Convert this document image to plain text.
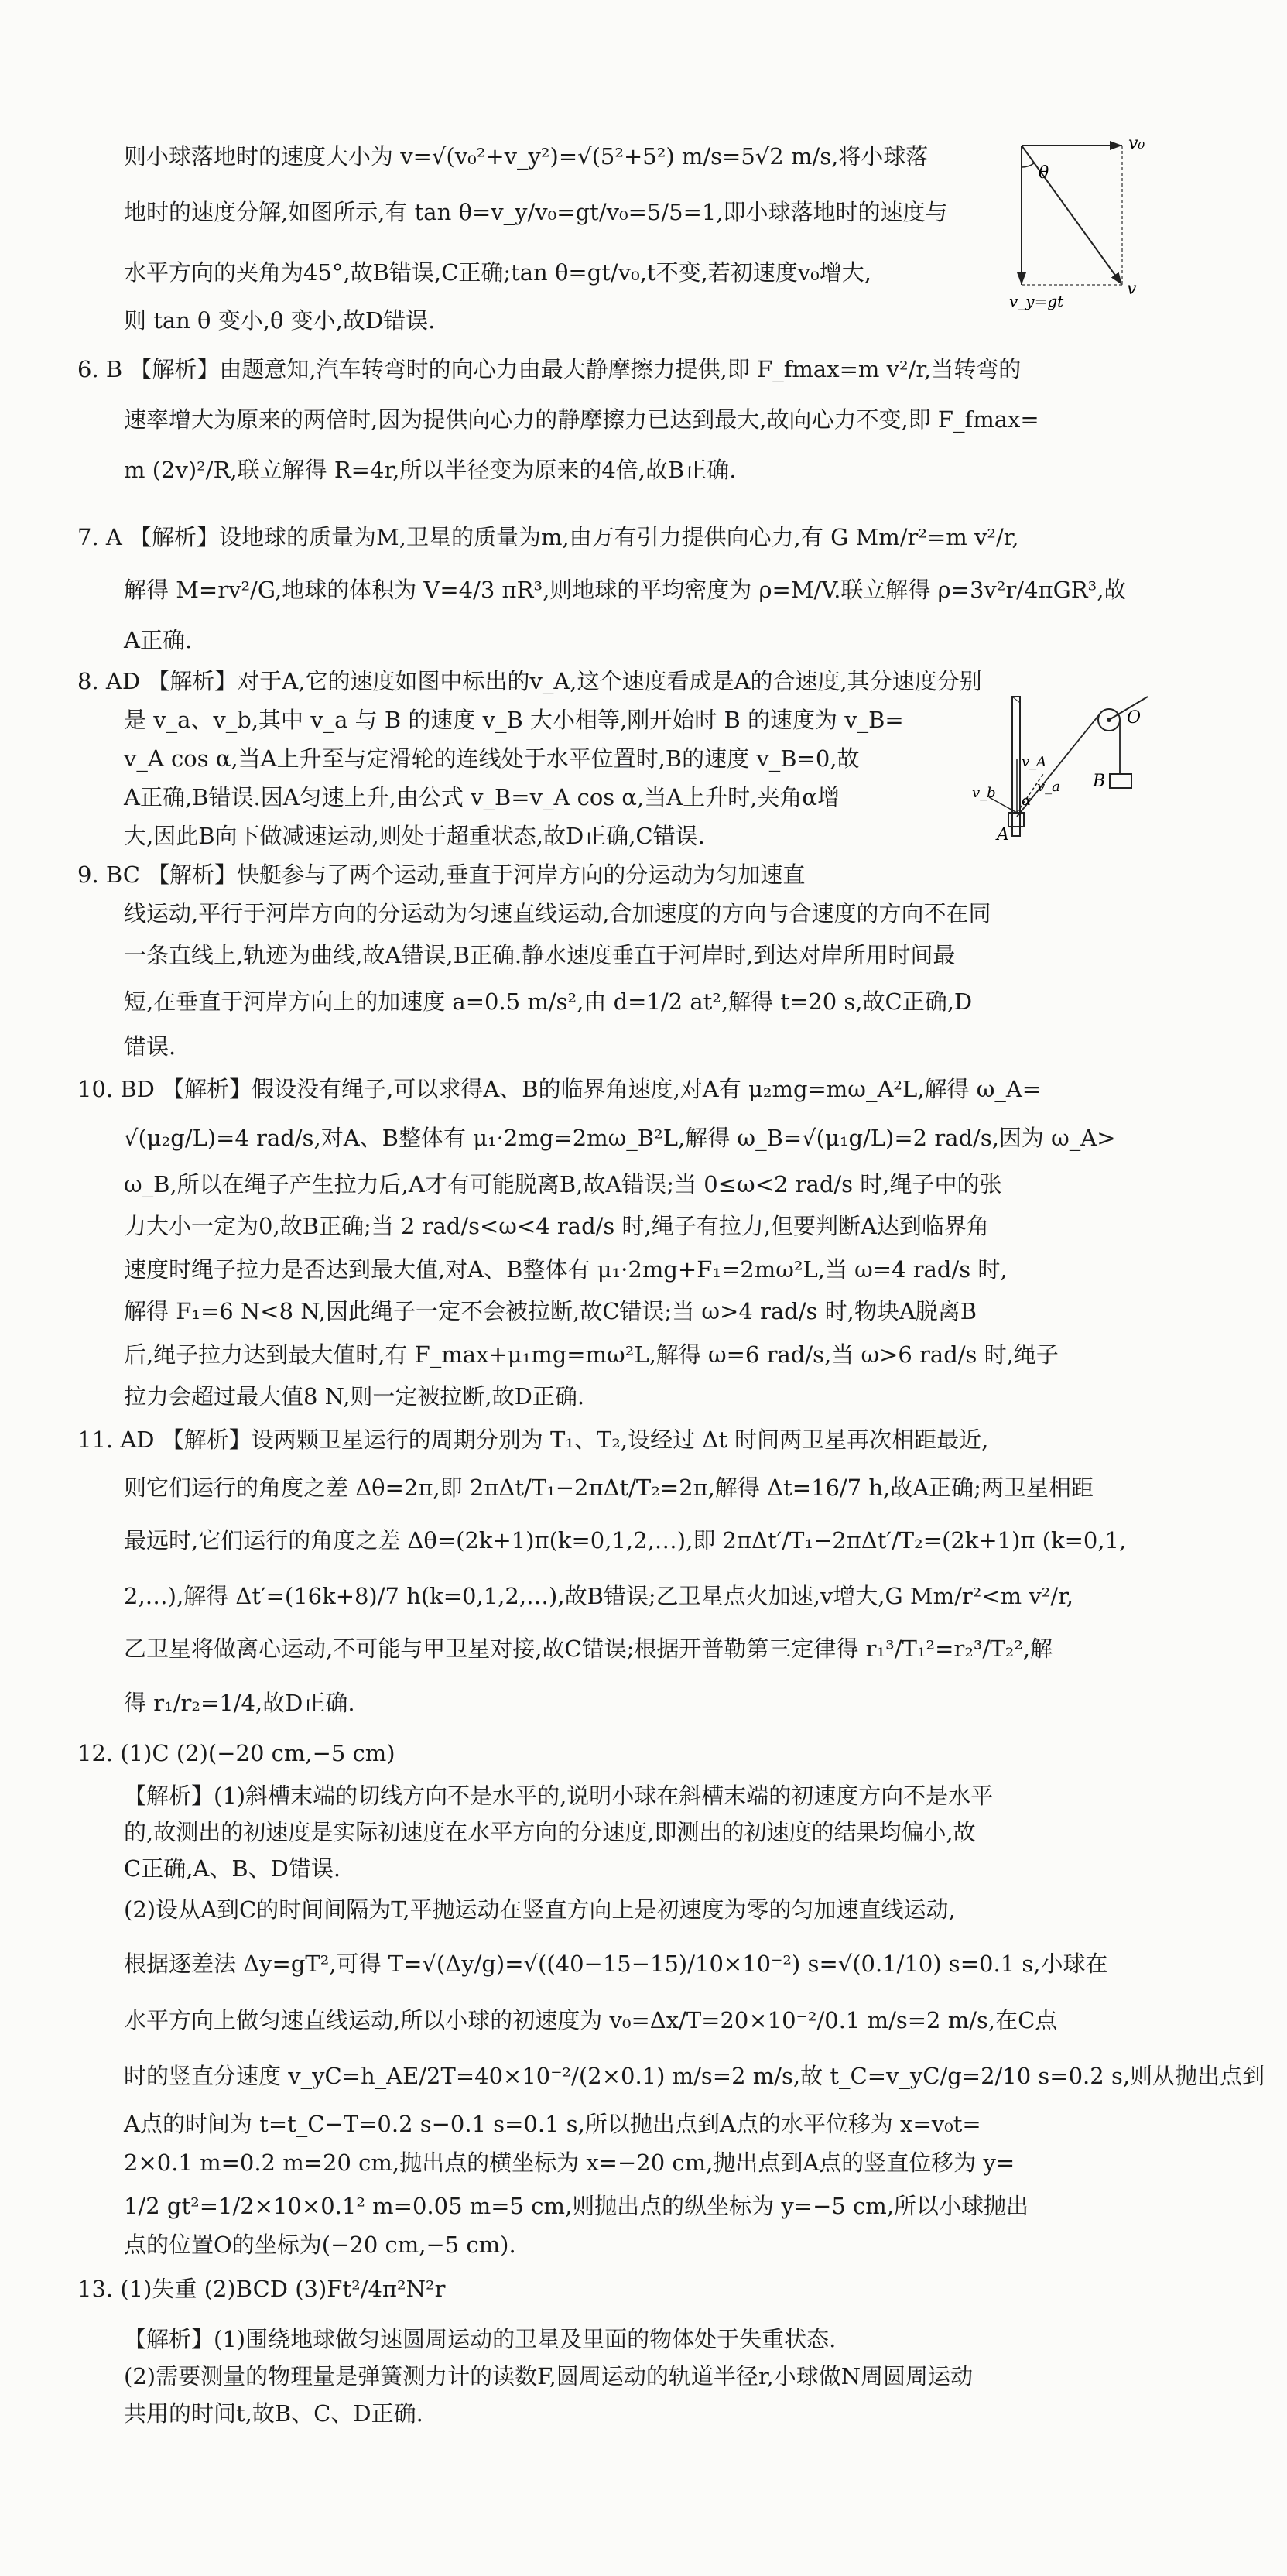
v₀
θ
v_y=gt
v
O
v_A
v_b	v_a
α
B
A
则小球落地时的速度大小为 v=√(v₀²+v_y²)=√(5²+5²) m/s=5√2 m/s,将小球落
地时的速度分解,如图所示,有 tan θ=v_y/v₀=gt/v₀=5/5=1,即小球落地时的速度与
水平方向的夹角为45°,故B错误,C正确;tan θ=gt/v₀,t不变,若初速度v₀增大,
则 tan θ 变小,θ 变小,故D错误.
6. B 【解析】由题意知,汽车转弯时的向心力由最大静摩擦力提供,即 F_fmax=m v²/r,当转弯的
速率增大为原来的两倍时,因为提供向心力的静摩擦力已达到最大,故向心力不变,即 F_fmax=
m (2v)²/R,联立解得 R=4r,所以半径变为原来的4倍,故B正确.
7. A 【解析】设地球的质量为M,卫星的质量为m,由万有引力提供向心力,有 G Mm/r²=m v²/r,
解得 M=rv²/G,地球的体积为 V=4/3 πR³,则地球的平均密度为 ρ=M/V.联立解得 ρ=3v²r/4πGR³,故
A正确.
8. AD 【解析】对于A,它的速度如图中标出的v_A,这个速度看成是A的合速度,其分速度分别
是 v_a、v_b,其中 v_a 与 B 的速度 v_B 大小相等,刚开始时 B 的速度为 v_B=
v_A cos α,当A上升至与定滑轮的连线处于水平位置时,B的速度 v_B=0,故
A正确,B错误.因A匀速上升,由公式 v_B=v_A cos α,当A上升时,夹角α增
大,因此B向下做减速运动,则处于超重状态,故D正确,C错误.
9. BC 【解析】快艇参与了两个运动,垂直于河岸方向的分运动为匀加速直
线运动,平行于河岸方向的分运动为匀速直线运动,合加速度的方向与合速度的方向不在同
一条直线上,轨迹为曲线,故A错误,B正确.静水速度垂直于河岸时,到达对岸所用时间最
短,在垂直于河岸方向上的加速度 a=0.5 m/s²,由 d=1/2 at²,解得 t=20 s,故C正确,D
错误.
10. BD 【解析】假设没有绳子,可以求得A、B的临界角速度,对A有 μ₂mg=mω_A²L,解得 ω_A=
√(μ₂g/L)=4 rad/s,对A、B整体有 μ₁·2mg=2mω_B²L,解得 ω_B=√(μ₁g/L)=2 rad/s,因为 ω_A>
ω_B,所以在绳子产生拉力后,A才有可能脱离B,故A错误;当 0≤ω<2 rad/s 时,绳子中的张
力大小一定为0,故B正确;当 2 rad/s<ω<4 rad/s 时,绳子有拉力,但要判断A达到临界角
速度时绳子拉力是否达到最大值,对A、B整体有 μ₁·2mg+F₁=2mω²L,当 ω=4 rad/s 时,
解得 F₁=6 N<8 N,因此绳子一定不会被拉断,故C错误;当 ω>4 rad/s 时,物块A脱离B
后,绳子拉力达到最大值时,有 F_max+μ₁mg=mω²L,解得 ω=6 rad/s,当 ω>6 rad/s 时,绳子
拉力会超过最大值8 N,则一定被拉断,故D正确.
11. AD 【解析】设两颗卫星运行的周期分别为 T₁、T₂,设经过 Δt 时间两卫星再次相距最近,
则它们运行的角度之差 Δθ=2π,即 2πΔt/T₁−2πΔt/T₂=2π,解得 Δt=16/7 h,故A正确;两卫星相距
最远时,它们运行的角度之差 Δθ=(2k+1)π(k=0,1,2,…),即 2πΔt′/T₁−2πΔt′/T₂=(2k+1)π (k=0,1,
2,…),解得 Δt′=(16k+8)/7 h(k=0,1,2,…),故B错误;乙卫星点火加速,v增大,G Mm/r²<m v²/r,
乙卫星将做离心运动,不可能与甲卫星对接,故C错误;根据开普勒第三定律得 r₁³/T₁²=r₂³/T₂²,解
得 r₁/r₂=1/4,故D正确.
12. (1)C (2)(−20 cm,−5 cm)
【解析】(1)斜槽末端的切线方向不是水平的,说明小球在斜槽末端的初速度方向不是水平
的,故测出的初速度是实际初速度在水平方向的分速度,即测出的初速度的结果均偏小,故
C正确,A、B、D错误.
(2)设从A到C的时间间隔为T,平抛运动在竖直方向上是初速度为零的匀加速直线运动,
根据逐差法 Δy=gT²,可得 T=√(Δy/g)=√((40−15−15)/10×10⁻²) s=√(0.1/10) s=0.1 s,小球在
水平方向上做匀速直线运动,所以小球的初速度为 v₀=Δx/T=20×10⁻²/0.1 m/s=2 m/s,在C点
时的竖直分速度 v_yC=h_AE/2T=40×10⁻²/(2×0.1) m/s=2 m/s,故 t_C=v_yC/g=2/10 s=0.2 s,则从抛出点到
A点的时间为 t=t_C−T=0.2 s−0.1 s=0.1 s,所以抛出点到A点的水平位移为 x=v₀t=
2×0.1 m=0.2 m=20 cm,抛出点的横坐标为 x=−20 cm,抛出点到A点的竖直位移为 y=
1/2 gt²=1/2×10×0.1² m=0.05 m=5 cm,则抛出点的纵坐标为 y=−5 cm,所以小球抛出
点的位置O的坐标为(−20 cm,−5 cm).
13. (1)失重 (2)BCD (3)Ft²/4π²N²r
【解析】(1)围绕地球做匀速圆周运动的卫星及里面的物体处于失重状态.
(2)需要测量的物理量是弹簧测力计的读数F,圆周运动的轨道半径r,小球做N周圆周运动
共用的时间t,故B、C、D正确.
